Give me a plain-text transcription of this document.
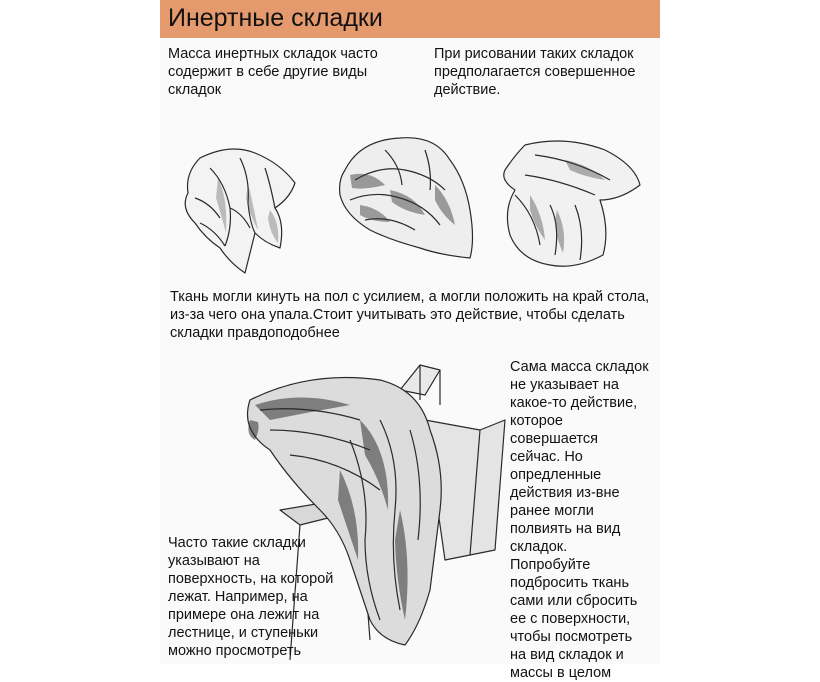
Инертные складки
Масса инертных складок часто
содержит в себе другие виды
складок
При рисовании таких складок
предполагается совершенное
действие.
Ткань могли кинуть на пол с усилием, а могли положить на край стола,
из-за чего она упала.Стоит учитывать это действие, чтобы сделать
складки правдоподобнее
Часто такие складки
указывают на
поверхность, на которой
лежат. Например, на
примере она лежит на
лестнице, и ступеньки
можно просмотреть
Сама масса складок
не указывает на
какое-то действие,
которое
совершается
сейчас. Но
опредленные
действия из-вне
ранее могли
полвиять на вид
складок.
Попробуйте
подбросить ткань
сами или сбросить
ее с поверхности,
чтобы посмотреть
на вид складок и
массы в целом
